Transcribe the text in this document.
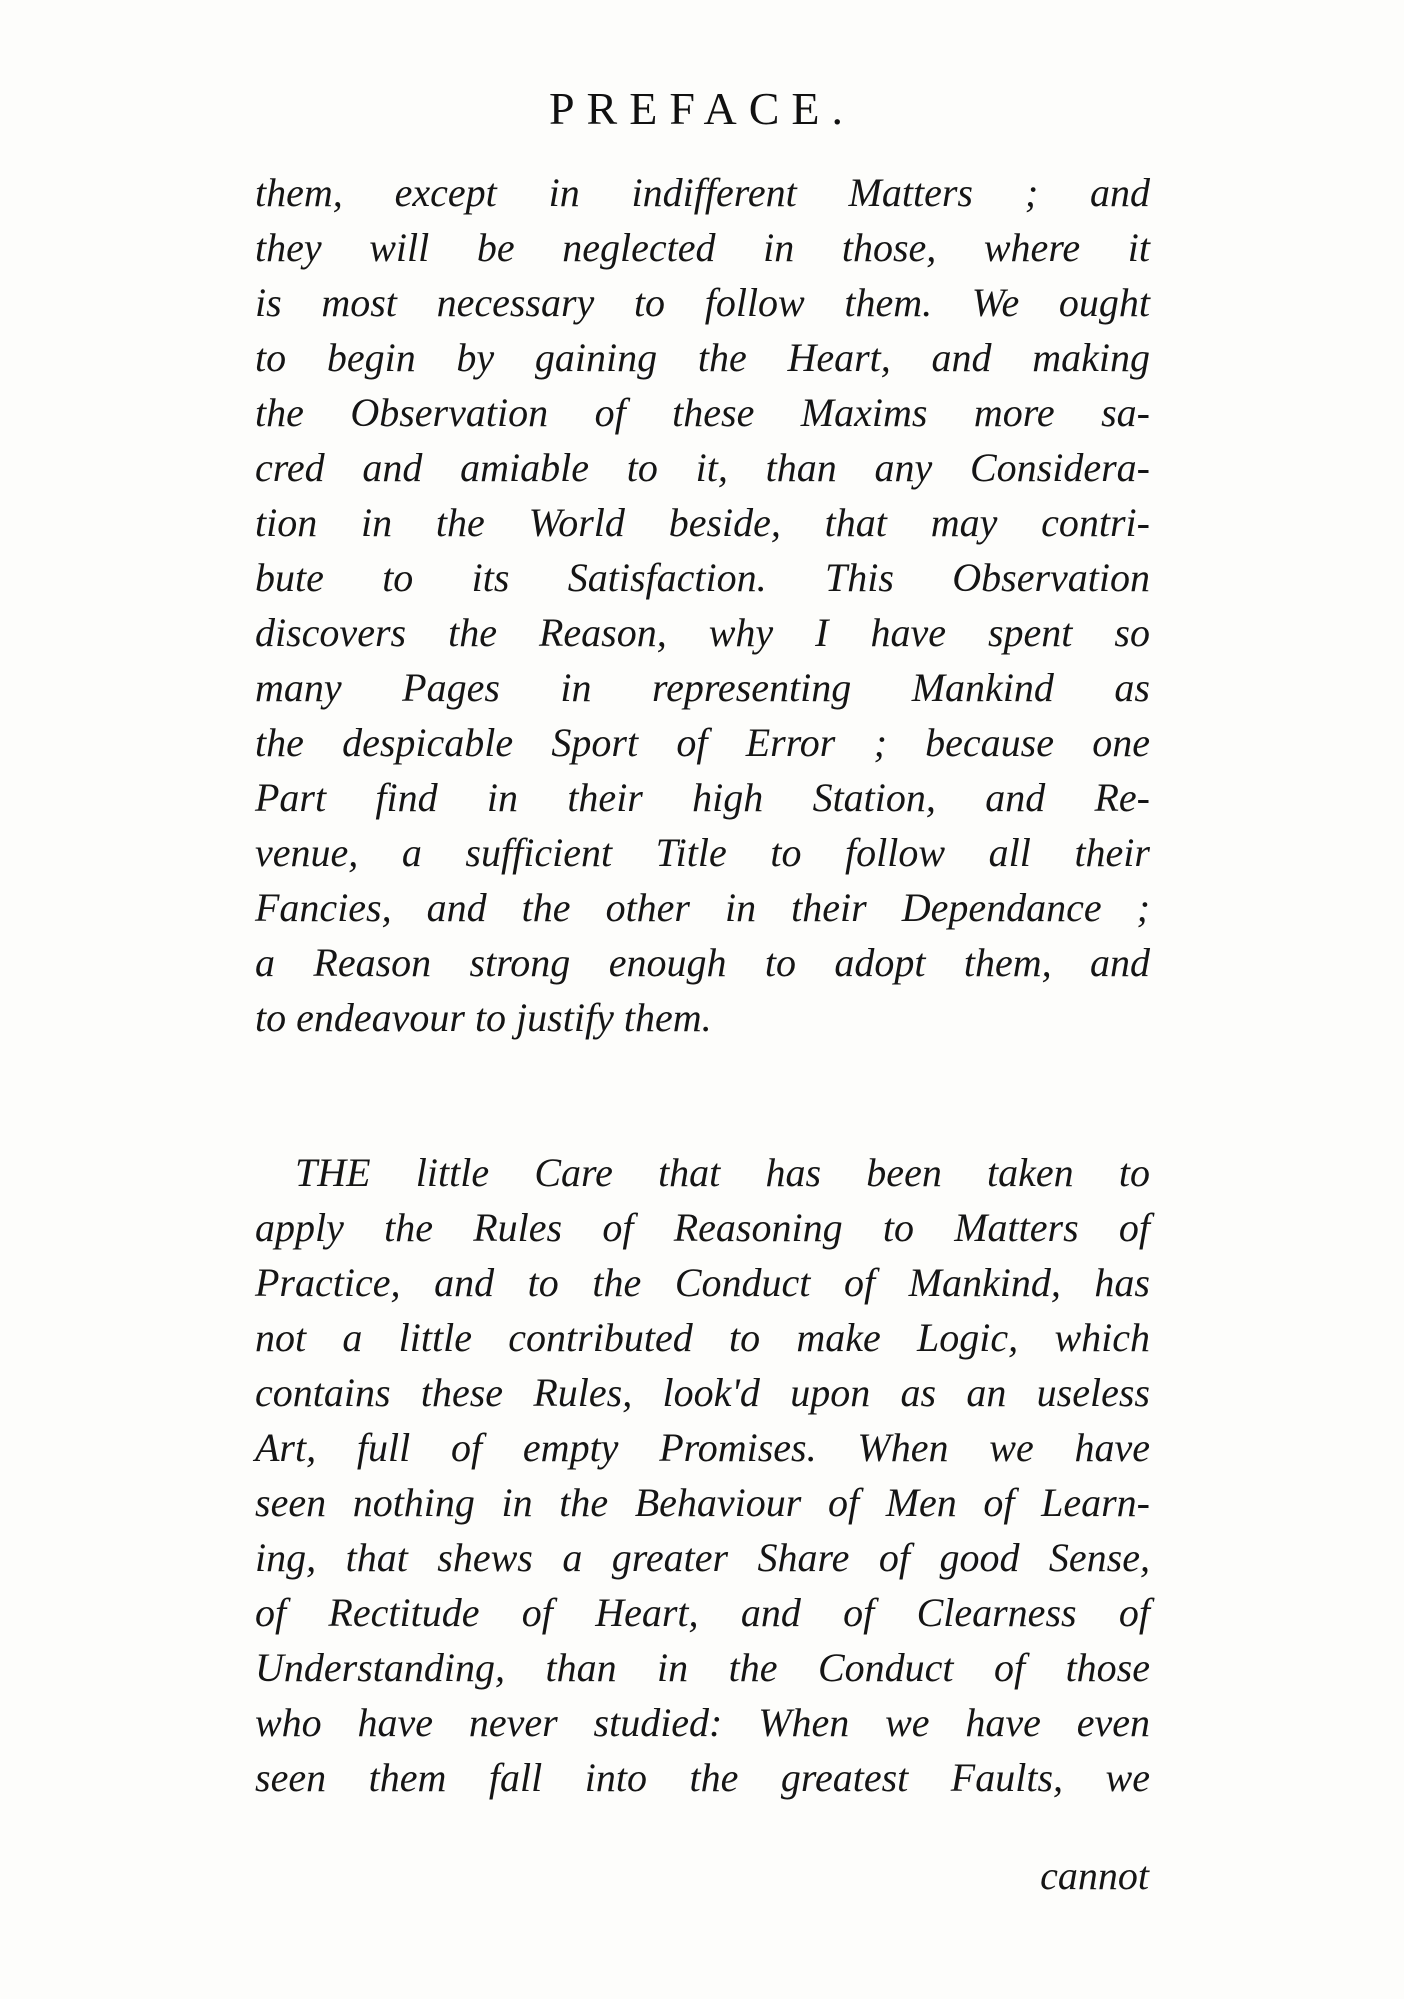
PREFACE.
them, except in indifferent Matters ; and
they will be neglected in those, where it
is most necessary to follow them. We ought
to begin by gaining the Heart, and making
the Observation of these Maxims more sa-
cred and amiable to it, than any Considera-
tion in the World beside, that may contri-
bute to its Satisfaction. This Observation
discovers the Reason, why I have spent so
many Pages in representing Mankind as
the despicable Sport of Error ; because one
Part find in their high Station, and Re-
venue, a sufficient Title to follow all their
Fancies, and the other in their Dependance ;
a Reason strong enough to adopt them, and
to endeavour to justify them.
THE little Care that has been taken to
apply the Rules of Reasoning to Matters of
Practice, and to the Conduct of Mankind, has
not a little contributed to make Logic, which
contains these Rules, look'd upon as an useless
Art, full of empty Promises. When we have
seen nothing in the Behaviour of Men of Learn-
ing, that shews a greater Share of good Sense,
of Rectitude of Heart, and of Clearness of
Understanding, than in the Conduct of those
who have never studied: When we have even
seen them fall into the greatest Faults, we
cannot
